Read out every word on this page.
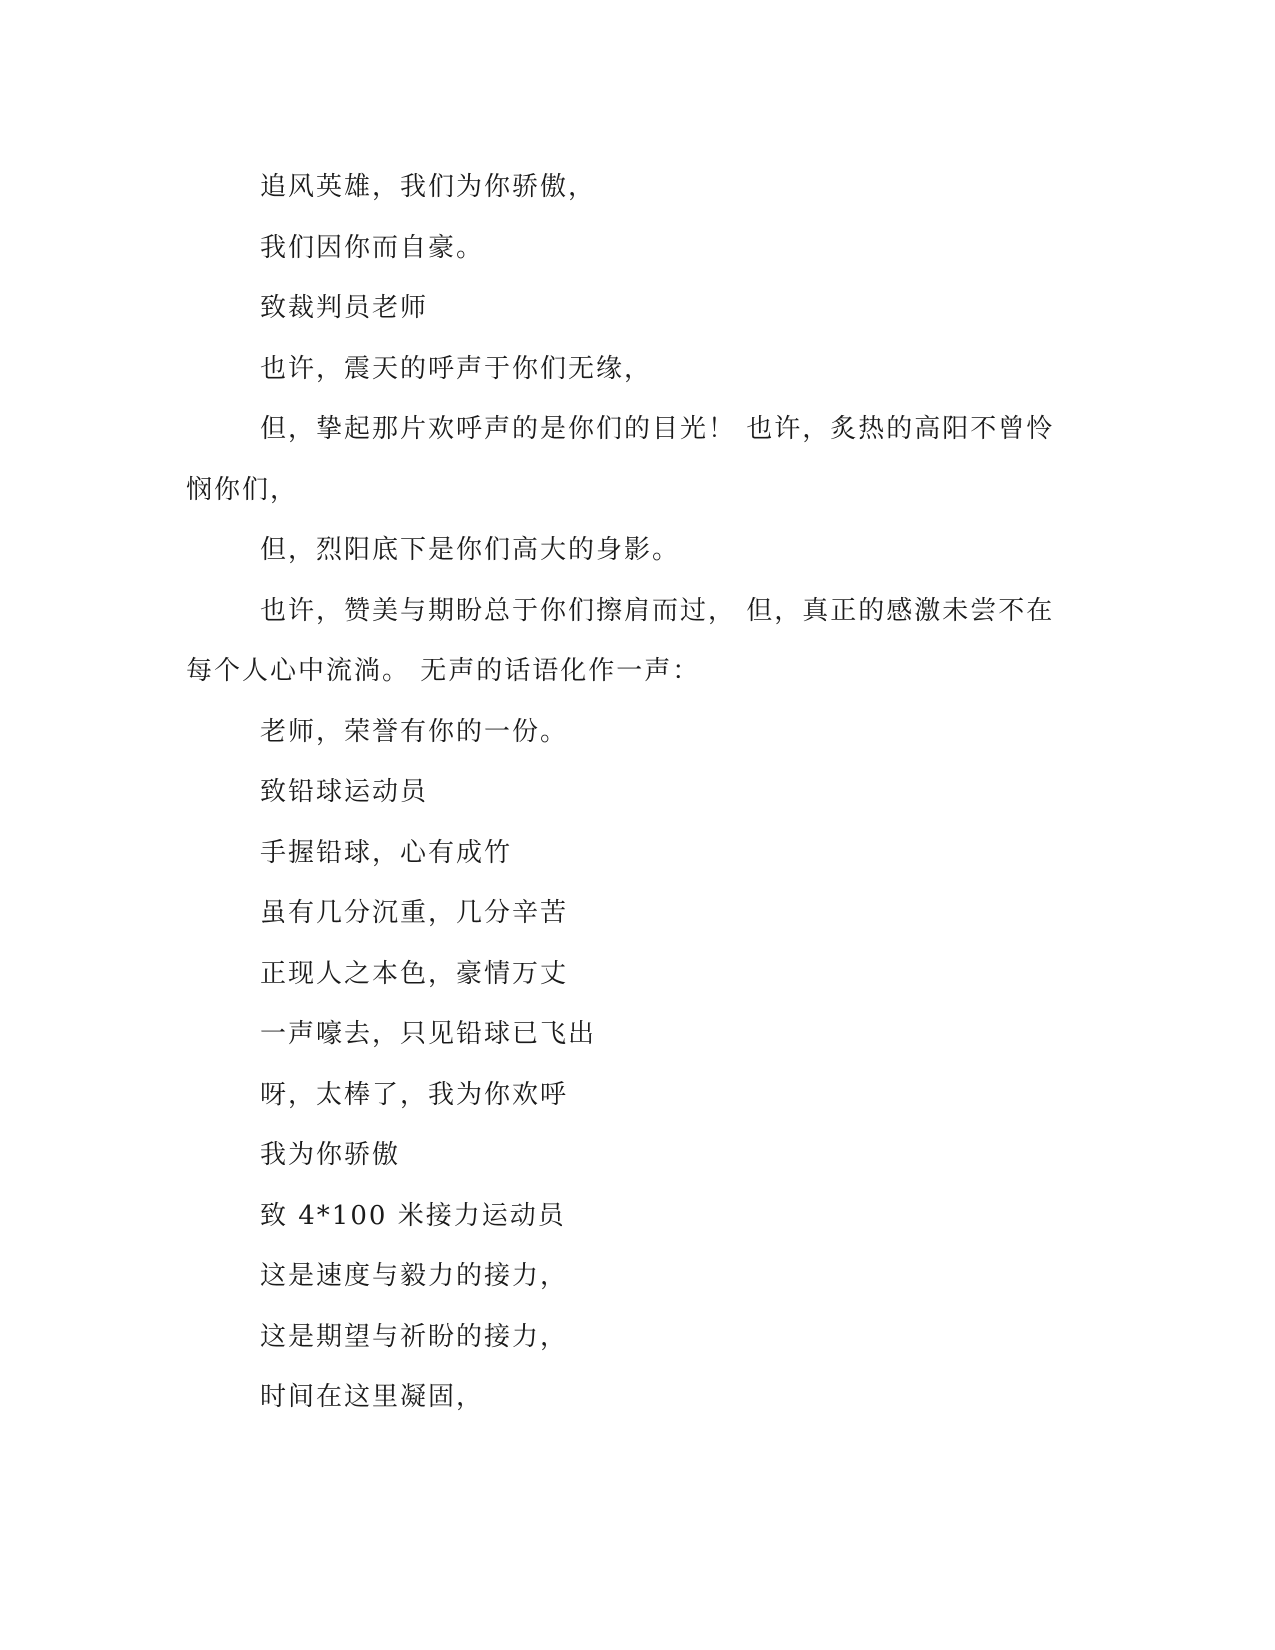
追风英雄，我们为你骄傲，

我们因你而自豪。

致裁判员老师

也许，震天的呼声于你们无缘，

但，挚起那片欢呼声的是你们的目光！ 也许，炙热的高阳不曾怜悯你们，

但，烈阳底下是你们高大的身影。

也许，赞美与期盼总于你们擦肩而过， 但，真正的感激未尝不在每个人心中流淌。 无声的话语化作一声：

老师，荣誉有你的一份。

致铅球运动员

手握铅球，心有成竹

虽有几分沉重，几分辛苦

正现人之本色，豪情万丈

一声嚎去，只见铅球已飞出

呀，太棒了，我为你欢呼

我为你骄傲

致 4*100 米接力运动员

这是速度与毅力的接力，

这是期望与祈盼的接力，

时间在这里凝固，
